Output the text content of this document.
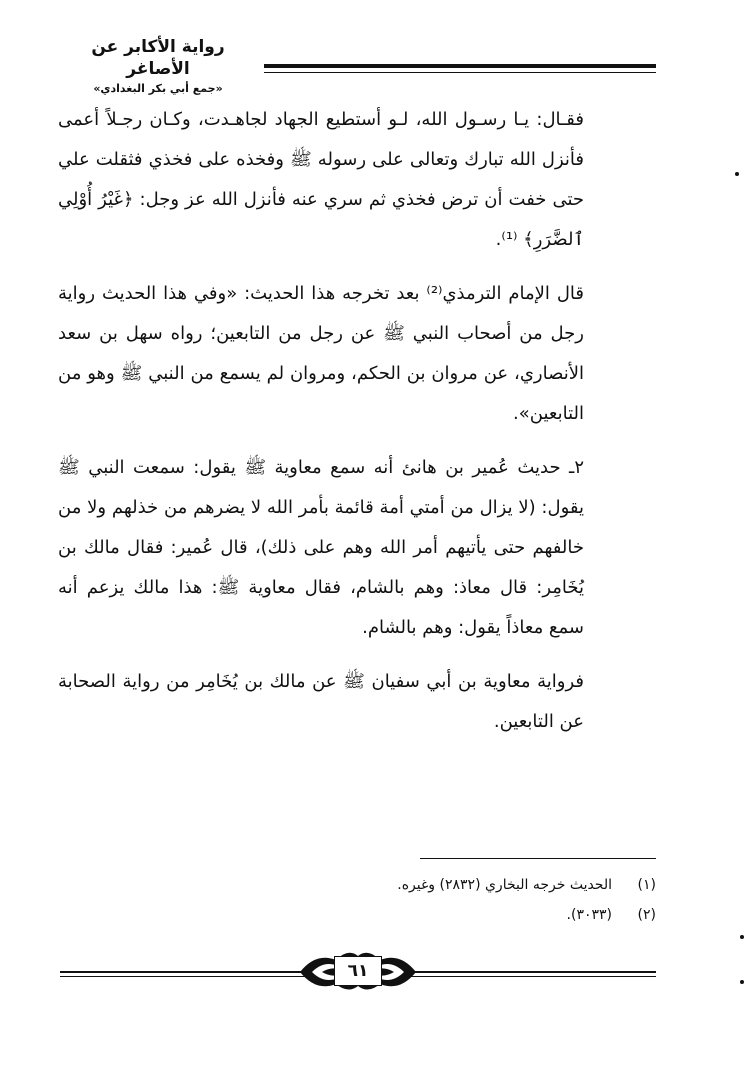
رواية الأكابر عن الأصاغر
«جمع أبي بكر البغدادي»

فقـال: يـا رسـول الله، لـو أستطيع الجهاد لجاهـدت، وكـان رجـلاً أعمى فأنزل الله تبارك وتعالى على رسوله ﷺ وفخذه على فخذي فثقلت علي حتى خفت أن ترض فخذي ثم سري عنه فأنزل الله عز وجل: ﴿غَيْرُ أُوْلِي ٱلضَّرَرِ﴾ ⁽¹⁾.

قال الإمام الترمذي⁽²⁾ بعد تخرجه هذا الحديث: «وفي هذا الحديث رواية رجل من أصحاب النبي ﷺ عن رجل من التابعين؛ رواه سهل بن سعد الأنصاري، عن مروان بن الحكم، ومروان لم يسمع من النبي ﷺ وهو من التابعين».

٢ـ حديث عُمير بن هانئ أنه سمع معاوية ﷺ يقول: سمعت النبي ﷺ يقول: (لا يزال من أمتي أمة قائمة بأمر الله لا يضرهم من خذلهم ولا من خالفهم حتى يأتيهم أمر الله وهم على ذلك)، قال عُمير: فقال مالك بن يُخَامِر: قال معاذ: وهم بالشام، فقال معاوية ﷺ: هذا مالك يزعم أنه سمع معاذاً يقول: وهم بالشام.

فرواية معاوية بن أبي سفيان ﷺ عن مالك بن يُخَامِر من رواية الصحابة عن التابعين.

(١)
الحديث خرجه البخاري (٢٨٣٢) وغيره.
(٢)
(٣٠٣٣).
٦١
